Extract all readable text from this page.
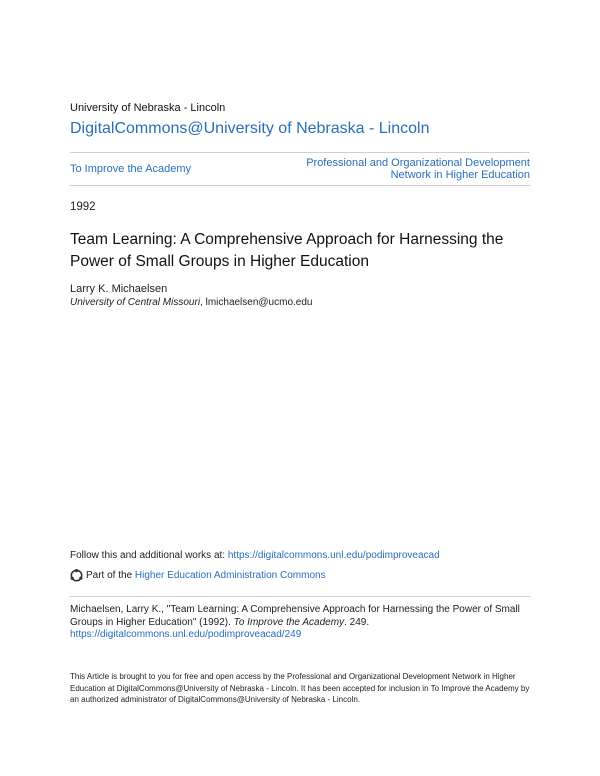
University of Nebraska - Lincoln
DigitalCommons@University of Nebraska - Lincoln
To Improve the Academy	Professional and Organizational Development
Network in Higher Education
1992
Team Learning: A Comprehensive Approach for Harnessing the
Power of Small Groups in Higher Education
Larry K. Michaelsen
University of Central Missouri, lmichaelsen@ucmo.edu
Follow this and additional works at: https://digitalcommons.unl.edu/podimproveacad
Part of the
Higher Education Administration Commons
Michaelsen, Larry K., "Team Learning: A Comprehensive Approach for Harnessing the Power of Small Groups in Higher Education" (1992). To Improve the Academy. 249.
https://digitalcommons.unl.edu/podimproveacad/249
This Article is brought to you for free and open access by the Professional and Organizational Development Network in Higher Education at DigitalCommons@University of Nebraska - Lincoln. It has been accepted for inclusion in To Improve the Academy by an authorized administrator of DigitalCommons@University of Nebraska - Lincoln.
